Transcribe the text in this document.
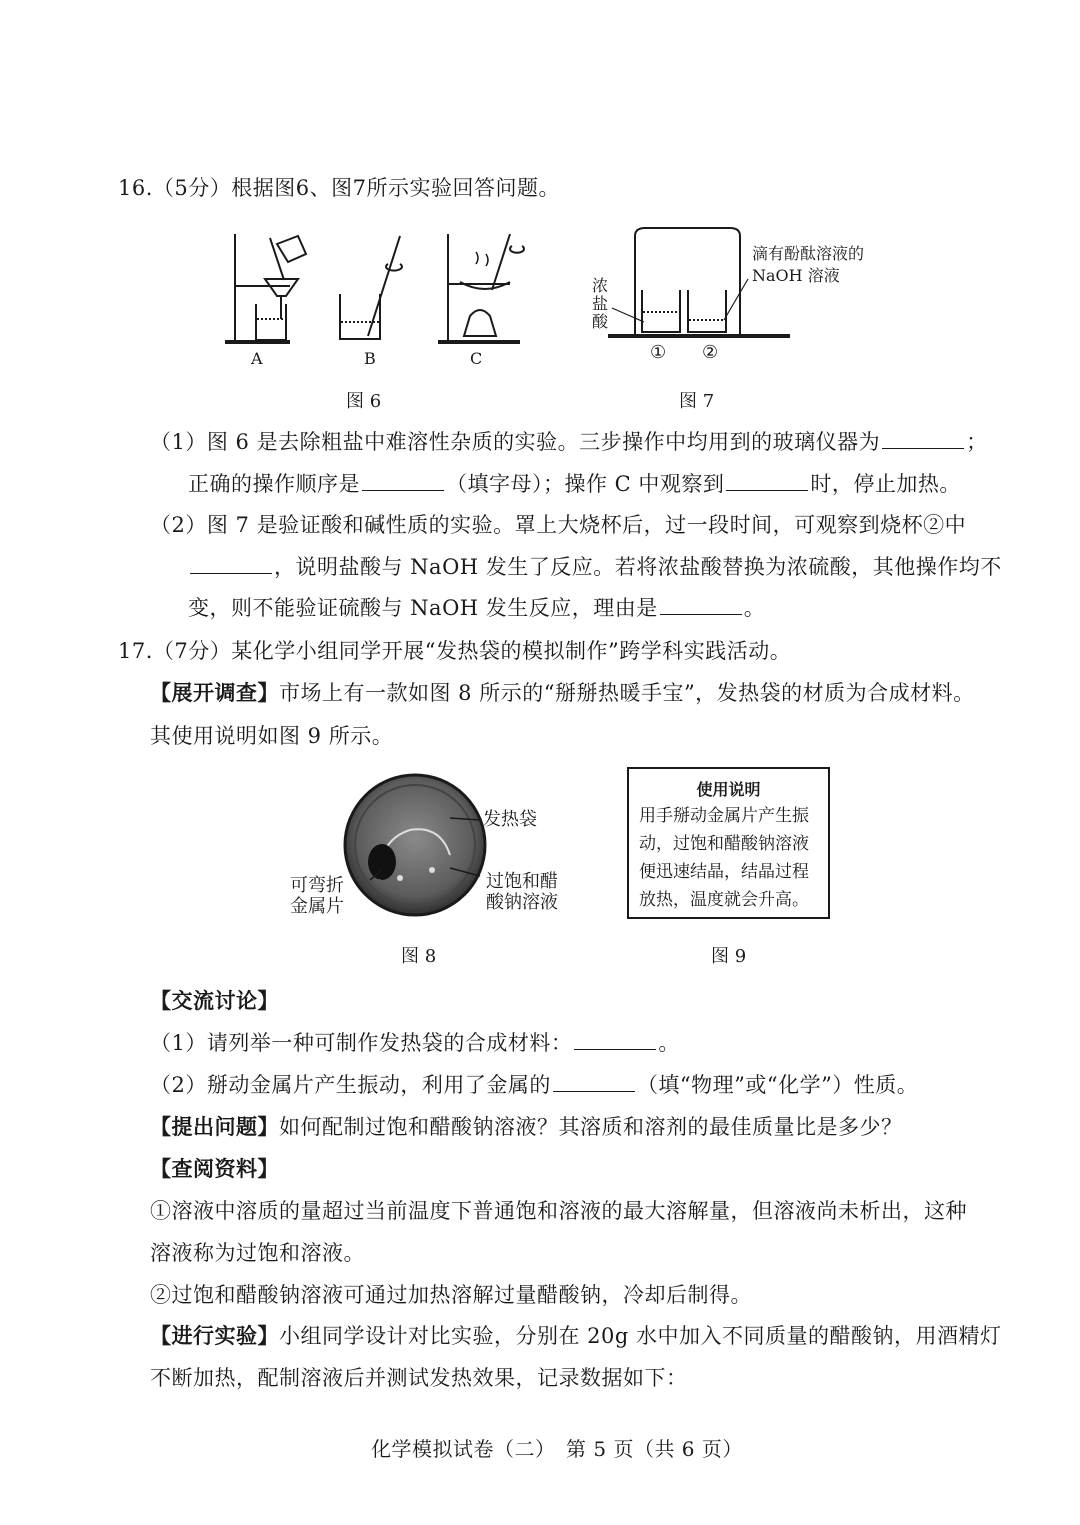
16.（5分）根据图6、图7所示实验回答问题。
A	B	C
图 6
滴有酚酞溶液的
NaOH 溶液
浓
盐
酸
① ②
图 7
（1）图 6 是去除粗盐中难溶性杂质的实验。三步操作中均用到的玻璃仪器为	；
正确的操作顺序是	（填字母）；操作 C 中观察到	时，停止加热。
（2）图 7 是验证酸和碱性质的实验。罩上大烧杯后，过一段时间，可观察到烧杯②中
，说明盐酸与 NaOH 发生了反应。若将浓盐酸替换为浓硫酸，其他操作均不
变，则不能验证硫酸与 NaOH 发生反应，理由是	。
17.（7分）某化学小组同学开展“发热袋的模拟制作”跨学科实践活动。
【展开调查】市场上有一款如图 8 所示的“掰掰热暖手宝”，发热袋的材质为合成材料。
其使用说明如图 9 所示。
发热袋
过饱和醋
酸钠溶液
可弯折
金属片
图 8
使用说明
用手掰动金属片产生振
动，过饱和醋酸钠溶液
便迅速结晶，结晶过程
放热，温度就会升高。
图 9
【交流讨论】
（1）请列举一种可制作发热袋的合成材料：	。
（2）掰动金属片产生振动，利用了金属的	（填“物理”或“化学”）性质。
【提出问题】如何配制过饱和醋酸钠溶液？其溶质和溶剂的最佳质量比是多少？
【查阅资料】
①溶液中溶质的量超过当前温度下普通饱和溶液的最大溶解量，但溶液尚未析出，这种
溶液称为过饱和溶液。
②过饱和醋酸钠溶液可通过加热溶解过量醋酸钠，冷却后制得。
【进行实验】小组同学设计对比实验，分别在 20g 水中加入不同质量的醋酸钠，用酒精灯
不断加热，配制溶液后并测试发热效果，记录数据如下：
化学模拟试卷（二）　第 5 页（共 6 页）
